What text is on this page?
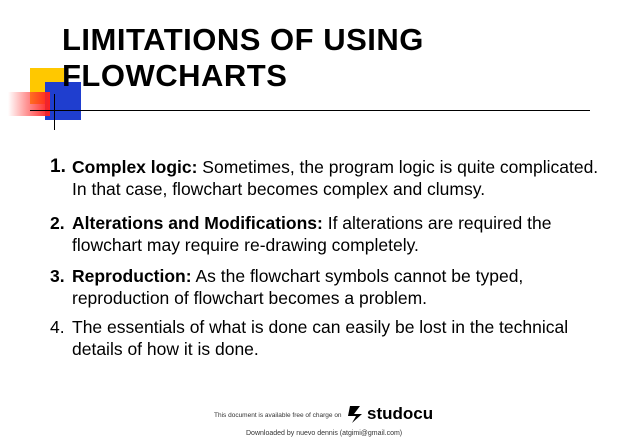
LIMITATIONS OF USING FLOWCHARTS
1. Complex logic: Sometimes, the program logic is quite complicated. In that case, flowchart becomes complex and clumsy.
2. Alterations and Modifications: If alterations are required the flowchart may require re-drawing completely.
3. Reproduction: As the flowchart symbols cannot be typed, reproduction of flowchart becomes a problem.
4. The essentials of what is done can easily be lost in the technical details of how it is done.
This document is available free of charge on studocu
Downloaded by nuevo dennis (atgimi@gmail.com)
